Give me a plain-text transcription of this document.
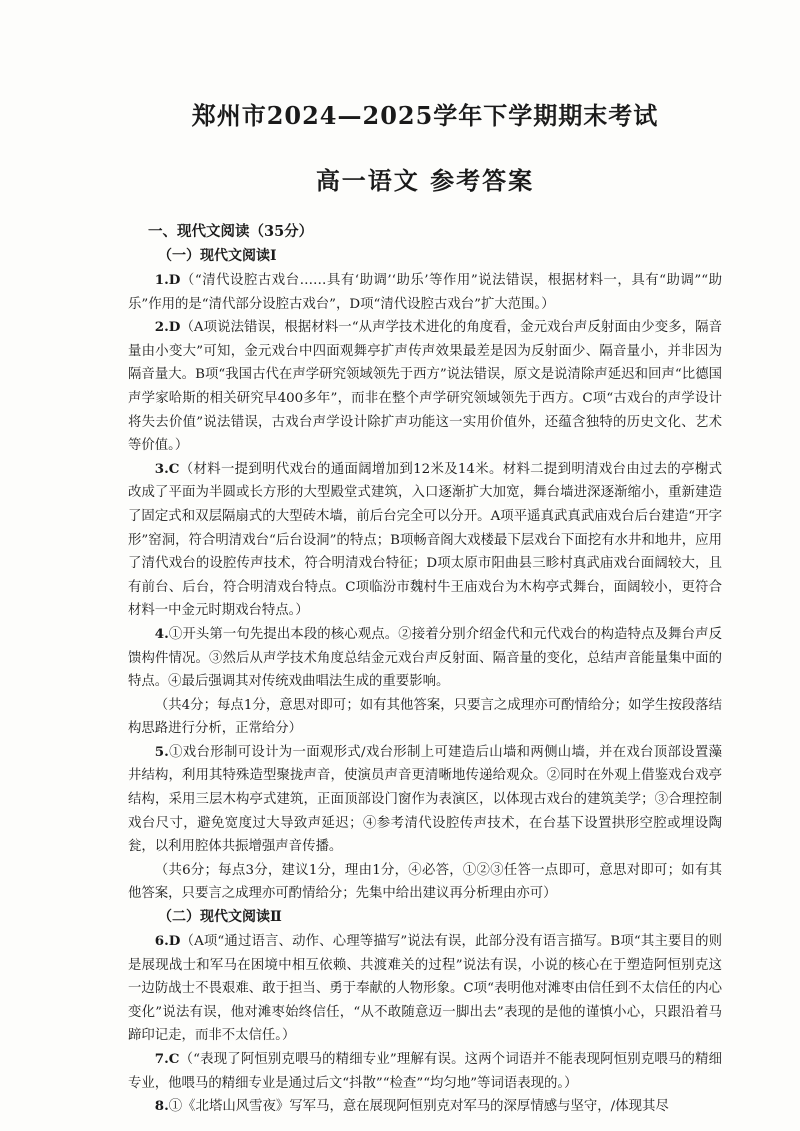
郑州市2024—2025学年下学期期末考试
高一语文 参考答案
一、现代文阅读（35分）
（一）现代文阅读Ⅰ

1.D（“清代设腔古戏台……具有‘助调’‘助乐’等作用”说法错误，根据材料一，具有“助调”“助乐”作用的是“清代部分设腔古戏台”，D项“清代设腔古戏台”扩大范围。）

2.D（A项说法错误，根据材料一“从声学技术进化的角度看，金元戏台声反射面由少变多，隔音量由小变大”可知，金元戏台中四面观舞亭扩声传声效果最差是因为反射面少、隔音量小，并非因为隔音量大。B项“我国古代在声学研究领域领先于西方”说法错误，原文是说清除声延迟和回声“比德国声学家哈斯的相关研究早400多年”，而非在整个声学研究领域领先于西方。C项“古戏台的声学设计将失去价值”说法错误，古戏台声学设计除扩声功能这一实用价值外，还蕴含独特的历史文化、艺术等价值。）

3.C（材料一提到明代戏台的通面阔增加到12米及14米。材料二提到明清戏台由过去的亭榭式改成了平面为半圆或长方形的大型殿堂式建筑，入口逐渐扩大加宽，舞台墙进深逐渐缩小，重新建造了固定式和双层隔扇式的大型砖木墙，前后台完全可以分开。A项平遥真武真武庙戏台后台建造“开字形”窑洞，符合明清戏台“后台设洞”的特点；B项畅音阁大戏楼最下层戏台下面挖有水井和地井，应用了清代戏台的设腔传声技术，符合明清戏台特征；D项太原市阳曲县三畛村真武庙戏台面阔较大，且有前台、后台，符合明清戏台特点。C项临汾市魏村牛王庙戏台为木构亭式舞台，面阔较小，更符合材料一中金元时期戏台特点。）

4.①开头第一句先提出本段的核心观点。②接着分别介绍金代和元代戏台的构造特点及舞台声反馈构件情况。③然后从声学技术角度总结金元戏台声反射面、隔音量的变化，总结声音能量集中面的特点。④最后强调其对传统戏曲唱法生成的重要影响。

（共4分；每点1分，意思对即可；如有其他答案，只要言之成理亦可酌情给分；如学生按段落结构思路进行分析，正常给分）

5.①戏台形制可设计为一面观形式/戏台形制上可建造后山墙和两侧山墙，并在戏台顶部设置藻井结构，利用其特殊造型聚拢声音，使演员声音更清晰地传递给观众。②同时在外观上借鉴戏台戏亭结构，采用三层木构亭式建筑，正面顶部设门窗作为表演区，以体现古戏台的建筑美学；③合理控制戏台尺寸，避免宽度过大导致声延迟；④参考清代设腔传声技术，在台基下设置拱形空腔或埋设陶瓮，以利用腔体共振增强声音传播。

（共6分；每点3分，建议1分，理由1分，④必答，①②③任答一点即可，意思对即可；如有其他答案，只要言之成理亦可酌情给分；先集中给出建议再分析理由亦可）

（二）现代文阅读Ⅱ

6.D（A项“通过语言、动作、心理等描写”说法有误，此部分没有语言描写。B项“其主要目的则是展现战士和军马在困境中相互依赖、共渡难关的过程”说法有误，小说的核心在于塑造阿恒别克这一边防战士不畏艰难、敢于担当、勇于奉献的人物形象。C项“表明他对滩枣由信任到不太信任的内心变化”说法有误，他对滩枣始终信任，“从不敢随意迈一脚出去”表现的是他的谨慎小心，只跟沿着马蹄印记走，而非不太信任。）

7.C（“表现了阿恒别克喂马的精细专业”理解有误。这两个词语并不能表现阿恒别克喂马的精细专业，他喂马的精细专业是通过后文“抖散”“检查”“均匀地”等词语表现的。）

8.①《北塔山风雪夜》写军马，意在展现阿恒别克对军马的深厚情感与坚守，/体现其尽
